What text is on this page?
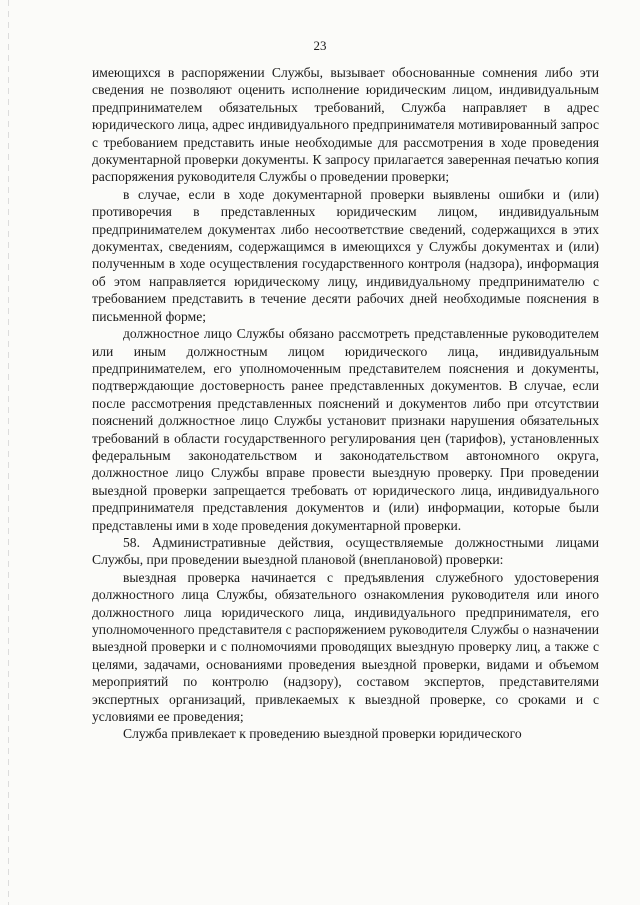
23

имеющихся в распоряжении Службы, вызывает обоснованные сомнения либо эти сведения не позволяют оценить исполнение юридическим лицом, индивидуальным предпринимателем обязательных требований, Служба направляет в адрес юридического лица, адрес индивидуального предпринимателя мотивированный запрос с требованием представить иные необходимые для рассмотрения в ходе проведения документарной проверки документы. К запросу прилагается заверенная печатью копия распоряжения руководителя Службы о проведении проверки;

в случае, если в ходе документарной проверки выявлены ошибки и (или) противоречия в представленных юридическим лицом, индивидуальным предпринимателем документах либо несоответствие сведений, содержащихся в этих документах, сведениям, содержащимся в имеющихся у Службы документах и (или) полученным в ходе осуществления государственного контроля (надзора), информация об этом направляется юридическому лицу, индивидуальному предпринимателю с требованием представить в течение десяти рабочих дней необходимые пояснения в письменной форме;

должностное лицо Службы обязано рассмотреть представленные руководителем или иным должностным лицом юридического лица, индивидуальным предпринимателем, его уполномоченным представителем пояснения и документы, подтверждающие достоверность ранее представленных документов. В случае, если после рассмотрения представленных пояснений и документов либо при отсутствии пояснений должностное лицо Службы установит признаки нарушения обязательных требований в области государственного регулирования цен (тарифов), установленных федеральным законодательством и законодательством автономного округа, должностное лицо Службы вправе провести выездную проверку. При проведении выездной проверки запрещается требовать от юридического лица, индивидуального предпринимателя представления документов и (или) информации, которые были представлены ими в ходе проведения документарной проверки.

58. Административные действия, осуществляемые должностными лицами Службы, при проведении выездной плановой (внеплановой) проверки:

выездная проверка начинается с предъявления служебного удостоверения должностного лица Службы, обязательного ознакомления руководителя или иного должностного лица юридического лица, индивидуального предпринимателя, его уполномоченного представителя с распоряжением руководителя Службы о назначении выездной проверки и с полномочиями проводящих выездную проверку лиц, а также с целями, задачами, основаниями проведения выездной проверки, видами и объемом мероприятий по контролю (надзору), составом экспертов, представителями экспертных организаций, привлекаемых к выездной проверке, со сроками и с условиями ее проведения;

Служба привлекает к проведению выездной проверки юридического
